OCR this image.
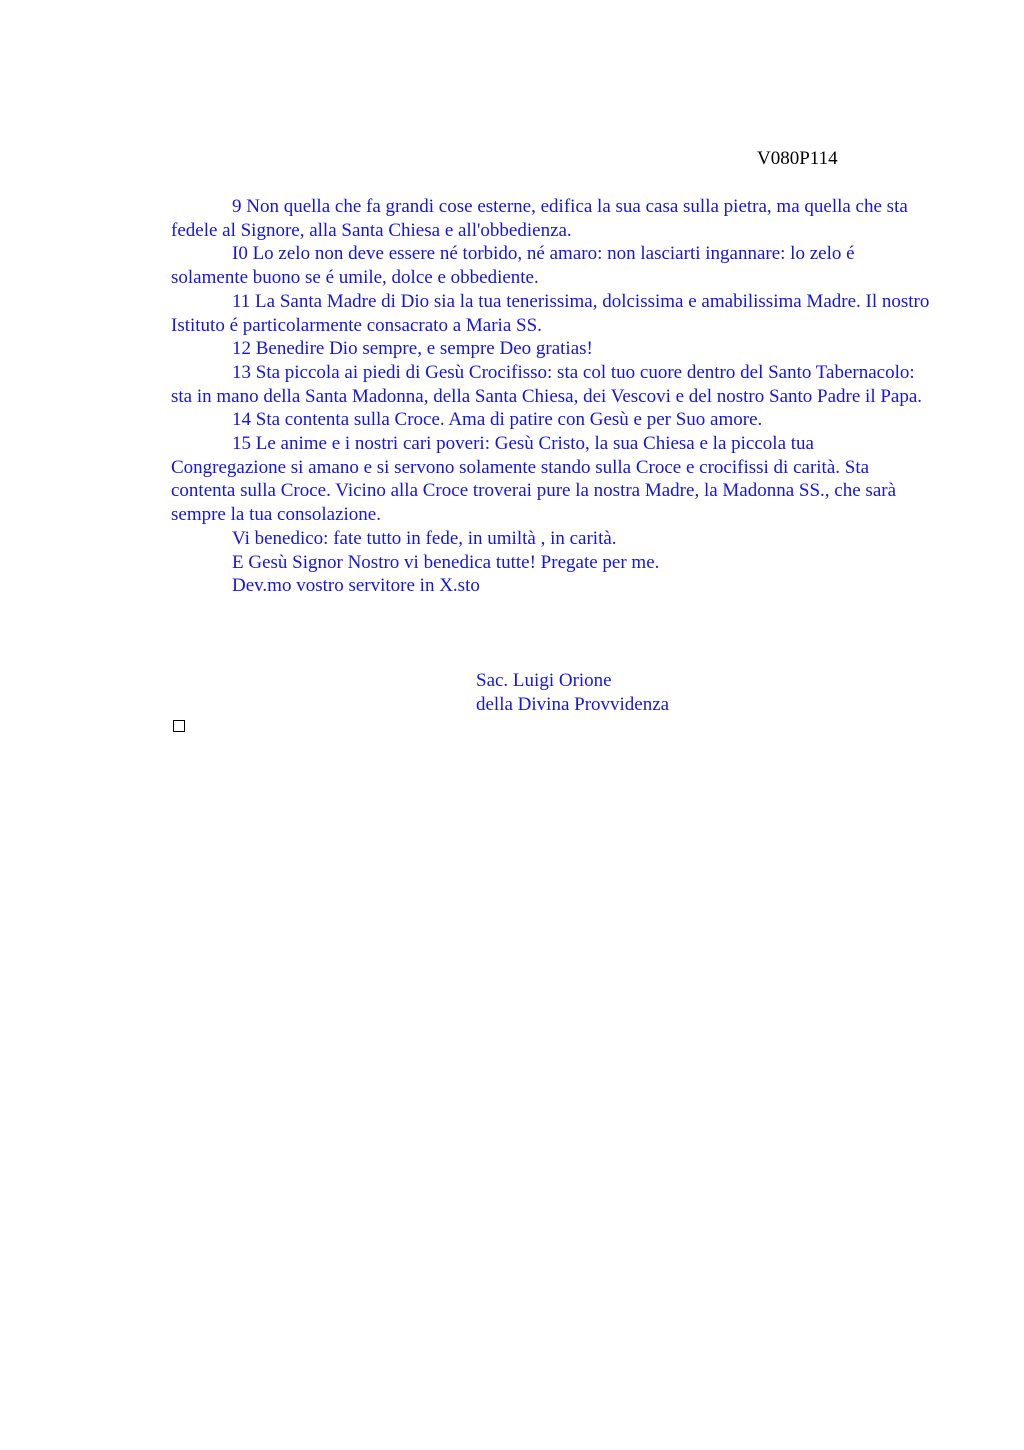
V080P114

9 Non quella che fa grandi cose esterne, edifica la sua casa sulla pietra, ma quella che sta fedele al Signore, alla Santa Chiesa e all'obbedienza.

I0 Lo zelo non deve essere né torbido, né amaro: non lasciarti ingannare: lo zelo é solamente buono se é umile, dolce e obbediente.

11 La Santa Madre di Dio sia la tua tenerissima, dolcissima e amabilissima Madre. Il nostro Istituto é particolarmente consacrato a Maria SS.

12 Benedire Dio sempre, e sempre Deo gratias!

13 Sta piccola ai piedi di Gesù Crocifisso: sta col tuo cuore dentro del Santo Tabernacolo: sta in mano della Santa Madonna, della Santa Chiesa, dei Vescovi e del nostro Santo Padre il Papa.

14 Sta contenta sulla Croce. Ama di patire con Gesù e per Suo amore.

15 Le anime e i nostri cari poveri: Gesù Cristo, la sua Chiesa e la piccola tua Congregazione si amano e si servono solamente stando sulla Croce e crocifissi di carità. Sta contenta sulla Croce. Vicino alla Croce troverai pure la nostra Madre, la Madonna SS., che sarà sempre la tua consolazione.

Vi benedico: fate tutto in fede, in umiltà , in carità.

E Gesù Signor Nostro vi benedica tutte! Pregate per me.

Dev.mo vostro servitore in X.sto

Sac. Luigi Orione
della Divina Provvidenza
